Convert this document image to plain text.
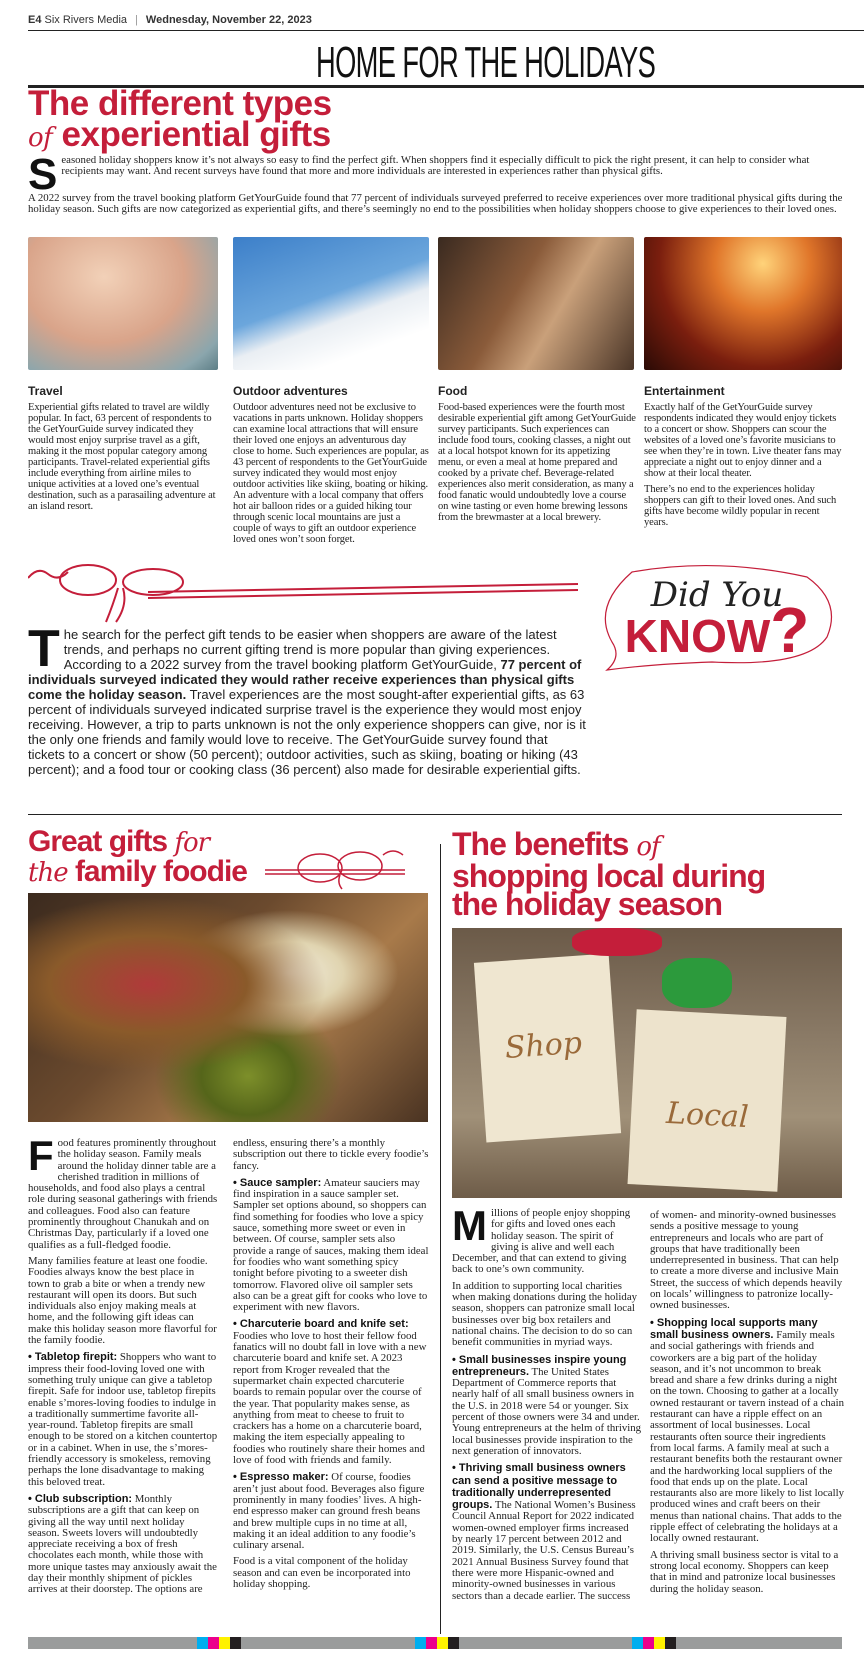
E4 Six Rivers Media | Wednesday, November 22, 2023
HOME FOR THE HOLIDAYS
The different types
of experiential gifts

Seasoned holiday shoppers know it’s not always so easy to find the perfect gift. When shoppers find it especially difficult to pick the right present, it can help to consider what recipients may want. And recent surveys have found that more and more individuals are interested in experiences rather than physical gifts.

A 2022 survey from the travel booking platform GetYourGuide found that 77 percent of individuals surveyed preferred to receive experiences over more traditional physical gifts during the holiday season. Such gifts are now categorized as experiential gifts, and there’s seemingly no end to the possibilities when holiday shoppers choose to give experiences to their loved ones.

Travel

Experiential gifts related to travel are wildly popular. In fact, 63 percent of respondents to the GetYourGuide survey indicated they would most enjoy surprise travel as a gift, making it the most popular category among participants. Travel-related experiential gifts include everything from airline miles to unique activities at a loved one’s eventual destination, such as a parasailing adventure at an island resort.

Outdoor adventures

Outdoor adventures need not be exclusive to vacations in parts unknown. Holiday shoppers can examine local attractions that will ensure their loved one enjoys an adventurous day close to home. Such experiences are popular, as 43 percent of respondents to the GetYourGuide survey indicated they would most enjoy outdoor activities like skiing, boating or hiking. An adventure with a local company that offers hot air balloon rides or a guided hiking tour through scenic local mountains are just a couple of ways to gift an outdoor experience loved ones won’t soon forget.

Food

Food-based experiences were the fourth most desirable experiential gift among GetYourGuide survey participants. Such experiences can include food tours, cooking classes, a night out at a local hotspot known for its appetizing menu, or even a meal at home prepared and cooked by a private chef. Beverage-related experiences also merit consideration, as many a food fanatic would undoubtedly love a course on wine tasting or even home brewing lessons from the brewmaster at a local brewery.

Entertainment

Exactly half of the GetYourGuide survey respondents indicated they would enjoy tickets to a concert or show. Shoppers can scour the websites of a loved one’s favorite musicians to see when they’re in town. Live theater fans may appreciate a night out to enjoy dinner and a show at their local theater.

There’s no end to the experiences holiday shoppers can gift to their loved ones. And such gifts have become wildly popular in recent years.

Did You
KNOW?
The search for the perfect gift tends to be easier when shoppers are aware of the latest trends, and perhaps no current gifting trend is more popular than giving experiences. According to a 2022 survey from the travel booking platform GetYourGuide, 77 percent of individuals surveyed indicated they would rather receive experiences than physical gifts come the holiday season. Travel experiences are the most sought-after experiential gifts, as 63 percent of individuals surveyed indicated surprise travel is the experience they would most enjoy receiving. However, a trip to parts unknown is not the only experience shoppers can give, nor is it the only one friends and family would love to receive. The GetYourGuide survey found that tickets to a concert or show (50 percent); outdoor activities, such as skiing, boating or hiking (43 percent); and a food tour or cooking class (36 percent) also made for desirable experiential gifts.
Great gifts for
the family foodie

Food features prominently throughout the holiday season. Family meals around the holiday dinner table are a cherished tradition in millions of households, and food also plays a central role during seasonal gatherings with friends and colleagues. Food also can feature prominently throughout Chanukah and on Christmas Day, particularly if a loved one qualifies as a full-fledged foodie.

Many families feature at least one foodie. Foodies always know the best place in town to grab a bite or when a trendy new restaurant will open its doors. But such individuals also enjoy making meals at home, and the following gift ideas can make this holiday season more flavorful for the family foodie.

• Tabletop firepit: Shoppers who want to impress their food-loving loved one with something truly unique can give a tabletop firepit. Safe for indoor use, tabletop firepits enable s’mores-loving foodies to indulge in a traditionally summertime favorite all-year-round. Tabletop firepits are small enough to be stored on a kitchen countertop or in a cabinet. When in use, the s’mores-friendly accessory is smokeless, removing perhaps the lone disadvantage to making this beloved treat.

• Club subscription: Monthly subscriptions are a gift that can keep on giving all the way until next holiday season. Sweets lovers will undoubtedly appreciate receiving a box of fresh chocolates each month, while those with more unique tastes may anxiously await the day their monthly shipment of pickles arrives at their doorstep. The options are

endless, ensuring there’s a monthly subscription out there to tickle every foodie’s fancy.

• Sauce sampler: Amateur sauciers may find inspiration in a sauce sampler set. Sampler set options abound, so shoppers can find something for foodies who love a spicy sauce, something more sweet or even in between. Of course, sampler sets also provide a range of sauces, making them ideal for foodies who want something spicy tonight before pivoting to a sweeter dish tomorrow. Flavored olive oil sampler sets also can be a great gift for cooks who love to experiment with new flavors.

• Charcuterie board and knife set: Foodies who love to host their fellow food fanatics will no doubt fall in love with a new charcuterie board and knife set. A 2023 report from Kroger revealed that the supermarket chain expected charcuterie boards to remain popular over the course of the year. That popularity makes sense, as anything from meat to cheese to fruit to crackers has a home on a charcuterie board, making the item especially appealing to foodies who routinely share their homes and love of food with friends and family.

• Espresso maker: Of course, foodies aren’t just about food. Beverages also figure prominently in many foodies’ lives. A high-end espresso maker can ground fresh beans and brew multiple cups in no time at all, making it an ideal addition to any foodie’s culinary arsenal.

Food is a vital component of the holiday season and can even be incorporated into holiday shopping.

The benefits of
shopping local during
the holiday season
Shop
Local

Millions of people enjoy shopping for gifts and loved ones each holiday season. The spirit of giving is alive and well each December, and that can extend to giving back to one’s own community.

In addition to supporting local charities when making donations during the holiday season, shoppers can patronize small local businesses over big box retailers and national chains. The decision to do so can benefit communities in myriad ways.

• Small businesses inspire young entrepreneurs. The United States Department of Commerce reports that nearly half of all small business owners in the U.S. in 2018 were 54 or younger. Six percent of those owners were 34 and under. Young entrepreneurs at the helm of thriving local businesses provide inspiration to the next generation of innovators.

• Thriving small business owners can send a positive message to traditionally underrepresented groups. The National Women’s Business Council Annual Report for 2022 indicated women-owned employer firms increased by nearly 17 percent between 2012 and 2019. Similarly, the U.S. Census Bureau’s 2021 Annual Business Survey found that there were more Hispanic-owned and minority-owned businesses in various sectors than a decade earlier. The success

of women- and minority-owned businesses sends a positive message to young entrepreneurs and locals who are part of groups that have traditionally been underrepresented in business. That can help to create a more diverse and inclusive Main Street, the success of which depends heavily on locals’ willingness to patronize locally-owned businesses.

• Shopping local supports many small business owners. Family meals and social gatherings with friends and coworkers are a big part of the holiday season, and it’s not uncommon to break bread and share a few drinks during a night on the town. Choosing to gather at a locally owned restaurant or tavern instead of a chain restaurant can have a ripple effect on an assortment of local businesses. Local restaurants often source their ingredients from local farms. A family meal at such a restaurant benefits both the restaurant owner and the hardworking local suppliers of the food that ends up on the plate. Local restaurants also are more likely to list locally produced wines and craft beers on their menus than national chains. That adds to the ripple effect of celebrating the holidays at a locally owned restaurant.

A thriving small business sector is vital to a strong local economy. Shoppers can keep that in mind and patronize local businesses during the holiday season.
